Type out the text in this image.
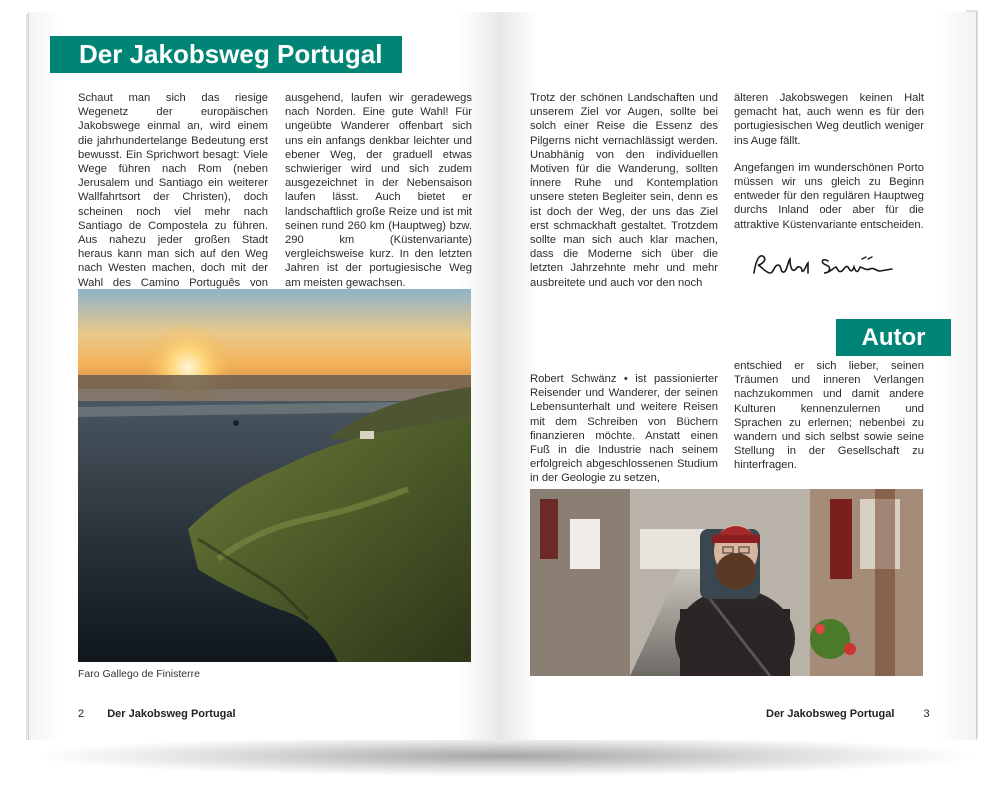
Der Jakobsweg Portugal

Schaut man sich das riesige Wegenetz der europäischen Jakobswege einmal an, wird einem die jahrhundertelange Bedeutung erst bewusst. Ein Sprichwort besagt: Viele Wege führen nach Rom (neben Jerusalem und Santiago ein weiterer Wallfahrtsort der Christen), doch scheinen noch viel mehr nach Santiago de Compostela zu führen. Aus nahezu jeder großen Stadt heraus kann man sich auf den Weg nach Westen machen, doch mit der Wahl des Camino Português von

ausgehend, laufen wir geradewegs nach Norden. Eine gute Wahl! Für ungeübte Wanderer offenbart sich uns ein anfangs denkbar leichter und ebener Weg, der graduell etwas schwieriger wird und sich zudem ausgezeichnet in der Nebensaison laufen lässt. Auch bietet er landschaftlich große Reize und ist mit seinen rund 260 km (Hauptweg) bzw. 290 km (Küstenvariante) vergleichsweise kurz. In den letzten Jahren ist der portugiesische Weg am meisten gewachsen.

Faro Gallego de Finisterre
2 Der Jakobsweg Portugal

Trotz der schönen Landschaften und unserem Ziel vor Augen, sollte bei solch einer Reise die Essenz des Pilgerns nicht vernachlässigt werden. Unabhänig von den individuellen Motiven für die Wanderung, sollten innere Ruhe und Kontemplation unsere steten Begleiter sein, denn es ist doch der Weg, der uns das Ziel erst schmackhaft gestaltet. Trotzdem sollte man sich auch klar machen, dass die Moderne sich über die letzten Jahrzehnte mehr und mehr ausbreitete und auch vor den noch

älteren Jakobswegen keinen Halt gemacht hat, auch wenn es für den portugiesischen Weg deutlich weniger ins Auge fällt.

Angefangen im wunderschönen Porto müssen wir uns gleich zu Beginn entweder für den regulären Hauptweg durchs Inland oder aber für die attraktive Küstenvariante entscheiden.

Autor

Robert Schwänz • ist passionierter Reisender und Wanderer, der seinen Lebensunterhalt und weitere Reisen mit dem Schreiben von Büchern finanzieren möchte. Anstatt einen Fuß in die Industrie nach seinem erfolgreich abgeschlossenen Studium in der Geologie zu setzen,

entschied er sich lieber, seinen Träumen und inneren Verlangen nachzukommen und damit andere Kulturen kennenzulernen und Sprachen zu erlernen; nebenbei zu wandern und sich selbst sowie seine Stellung in der Gesellschaft zu hinterfragen.

Der Jakobsweg Portugal	3
